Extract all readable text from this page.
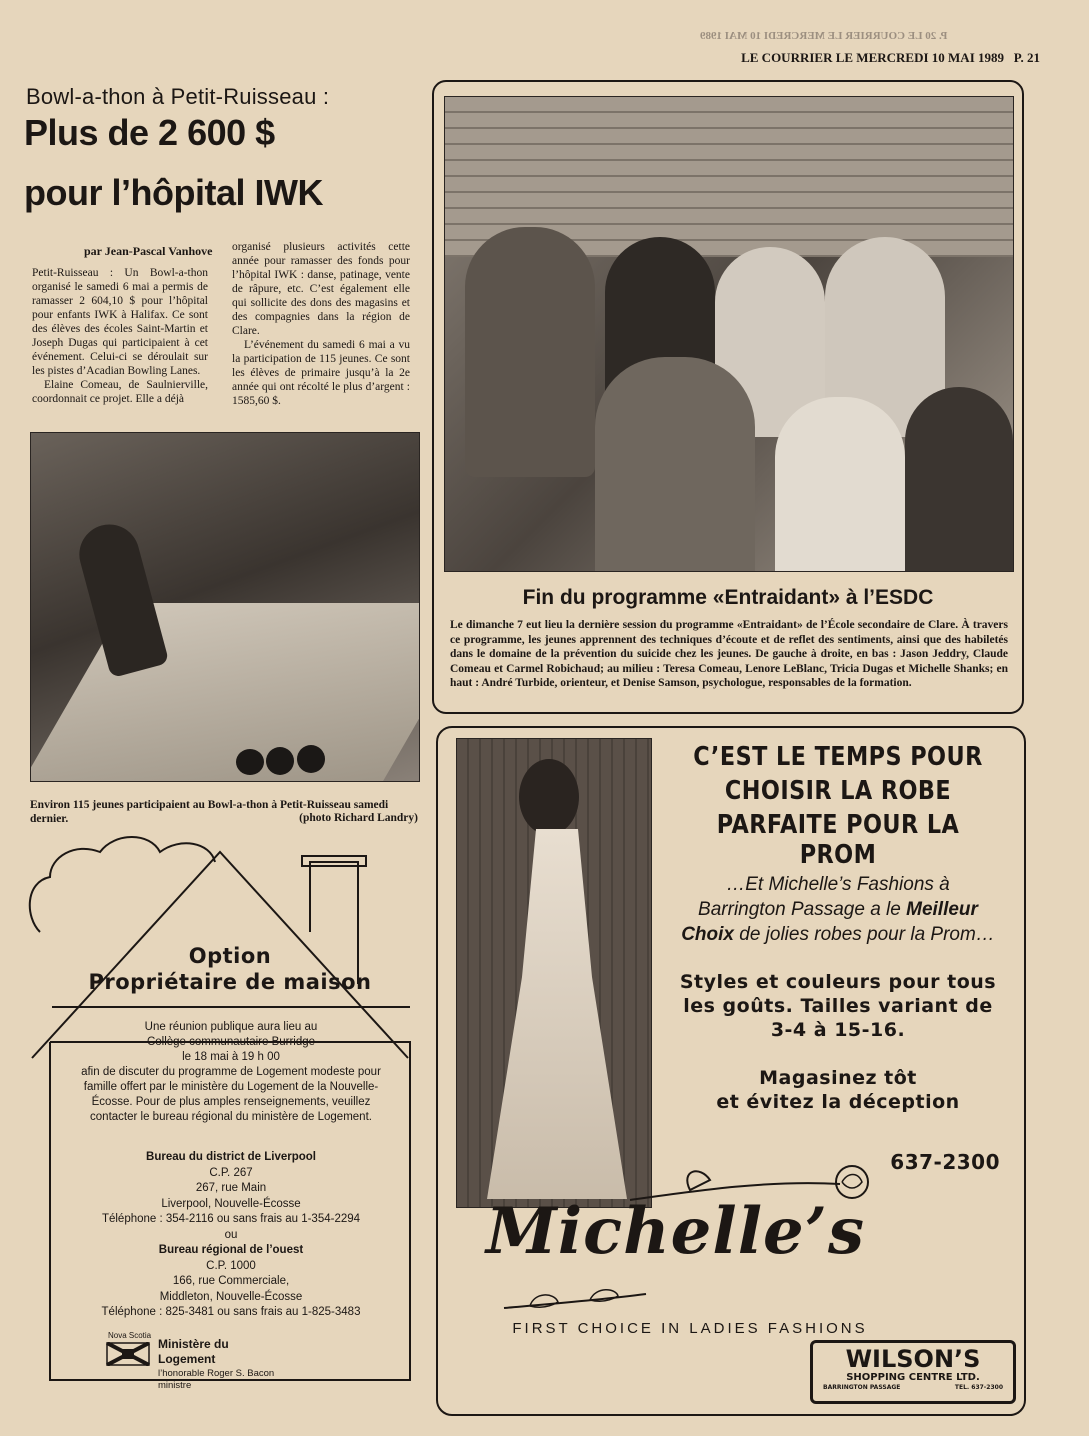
P. 20 LE COURRIER LE MERCREDI 10 MAI 1989
LE COURRIER LE MERCREDI 10 MAI 1989   P. 21
Bowl-a-thon à Petit-Ruisseau :
Plus de 2 600 $
pour l’hôpital IWK
par Jean-Pascal Vanhove

Petit-Ruisseau : Un Bowl-a-thon organisé le samedi 6 mai a permis de ramasser 2 604,10 $ pour l’hôpital pour enfants IWK à Halifax. Ce sont des élèves des écoles Saint-Martin et Joseph Dugas qui participaient à cet événement. Celui-ci se déroulait sur les pistes d’Acadian Bowling Lanes.

Elaine Comeau, de Saulnierville, coordonnait ce projet. Elle a déjà

organisé plusieurs activités cette année pour ramasser des fonds pour l’hôpital IWK : danse, patinage, vente de râpure, etc. C’est également elle qui sollicite des dons des magasins et des compagnies dans la région de Clare.

L’événement du samedi 6 mai a vu la participation de 115 jeunes. Ce sont les élèves de primaire jusqu’à la 2e année qui ont récolté le plus d’argent : 1585,60 $.

Environ 115 jeunes participaient au Bowl-a-thon à Petit-Ruisseau samedi dernier.	(photo Richard Landry)
Fin du programme «Entraidant» à l’ESDC
Le dimanche 7 eut lieu la dernière session du programme «Entraidant» de l’École secondaire de Clare. À travers ce programme, les jeunes apprennent des techniques d’écoute et de reflet des sentiments, ainsi que des habiletés dans le domaine de la prévention du suicide chez les jeunes. De gauche à droite, en bas : Jason Jeddry, Claude Comeau et Carmel Robichaud; au milieu : Teresa Comeau, Lenore LeBlanc, Tricia Dugas et Michelle Shanks; en haut : André Turbide, orienteur, et Denise Samson, psychologue, responsables de la formation.
Option
Propriétaire de maison
Une réunion publique aura lieu au
Collège communautaire Burridge
le 18 mai à 19 h 00
afin de discuter du programme de Logement modeste pour
famille offert par le ministère du Logement de la Nouvelle-
Écosse. Pour de plus amples renseignements, veuillez
contacter le bureau régional du ministère de Logement.
Bureau du district de Liverpool
C.P. 267
267, rue Main
Liverpool, Nouvelle-Écosse
Téléphone : 354-2116 ou sans frais au 1-354-2294
ou
Bureau régional de l’ouest
C.P. 1000
166, rue Commerciale,
Middleton, Nouvelle-Écosse
Téléphone : 825-3481 ou sans frais au 1-825-3483
Nova Scotia
Ministère du
Logement
l’honorable Roger S. Bacon
ministre
C’EST LE TEMPS POUR
CHOISIR LA ROBE
PARFAITE POUR LA PROM
…Et Michelle’s Fashions à
Barrington Passage a le Meilleur
Choix de jolies robes pour la Prom…
Styles et couleurs pour tous
les goûts. Tailles variant de
3-4 à 15-16.
Magasinez tôt
et évitez la déception
637-2300
Michelle’s
FIRST CHOICE IN LADIES FASHIONS
WILSON’S
SHOPPING CENTRE LTD.
BARRINGTON PASSAGE	TEL. 637-2300
